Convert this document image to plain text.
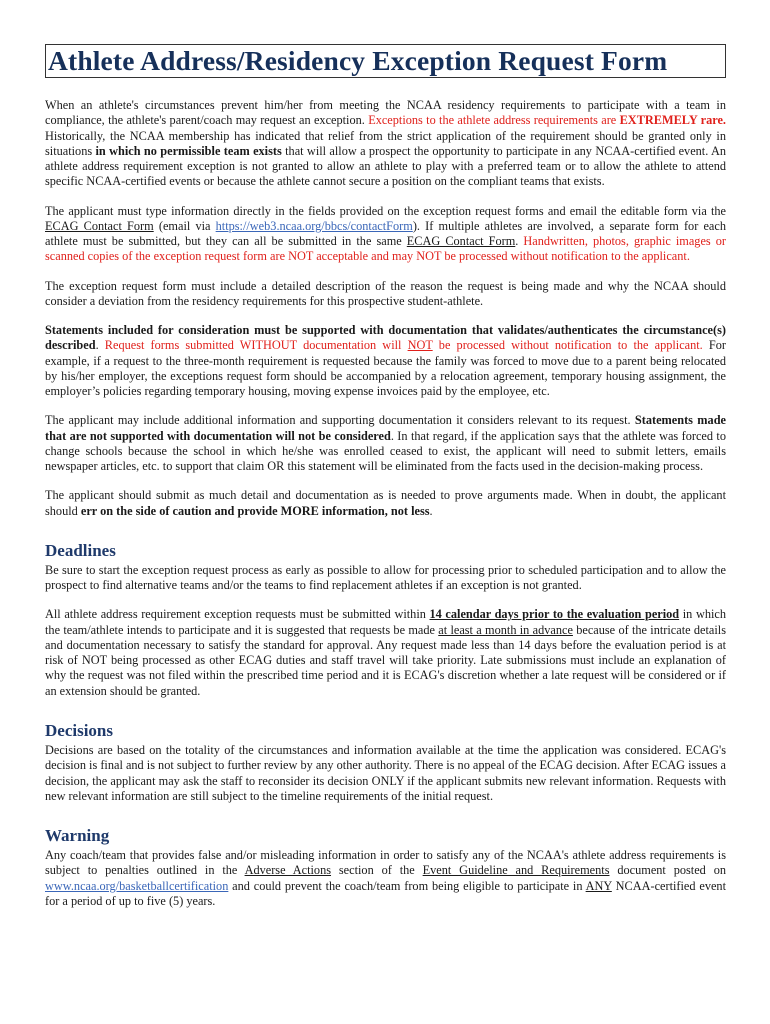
Athlete Address/Residency Exception Request Form

When an athlete's circumstances prevent him/her from meeting the NCAA residency requirements to participate with a team in compliance, the athlete's parent/coach may request an exception. Exceptions to the athlete address requirements are EXTREMELY rare. Historically, the NCAA membership has indicated that relief from the strict application of the requirement should be granted only in situations in which no permissible team exists that will allow a prospect the opportunity to participate in any NCAA-certified event. An athlete address requirement exception is not granted to allow an athlete to play with a preferred team or to allow the athlete to attend specific NCAA-certified events or because the athlete cannot secure a position on the compliant teams that exists.

The applicant must type information directly in the fields provided on the exception request forms and email the editable form via the ECAG Contact Form (email via https://web3.ncaa.org/bbcs/contactForm). If multiple athletes are involved, a separate form for each athlete must be submitted, but they can all be submitted in the same ECAG Contact Form. Handwritten, photos, graphic images or scanned copies of the exception request form are NOT acceptable and may NOT be processed without notification to the applicant.

The exception request form must include a detailed description of the reason the request is being made and why the NCAA should consider a deviation from the residency requirements for this prospective student-athlete.

Statements included for consideration must be supported with documentation that validates/authenticates the circumstance(s) described. Request forms submitted WITHOUT documentation will NOT be processed without notification to the applicant. For example, if a request to the three-month requirement is requested because the family was forced to move due to a parent being relocated by his/her employer, the exceptions request form should be accompanied by a relocation agreement, temporary housing assignment, the employer’s policies regarding temporary housing, moving expense invoices paid by the employee, etc.

The applicant may include additional information and supporting documentation it considers relevant to its request. Statements made that are not supported with documentation will not be considered. In that regard, if the application says that the athlete was forced to change schools because the school in which he/she was enrolled ceased to exist, the applicant will need to submit letters, emails newspaper articles, etc. to support that claim OR this statement will be eliminated from the facts used in the decision-making process.

The applicant should submit as much detail and documentation as is needed to prove arguments made. When in doubt, the applicant should err on the side of caution and provide MORE information, not less.

Deadlines

Be sure to start the exception request process as early as possible to allow for processing prior to scheduled participation and to allow the prospect to find alternative teams and/or the teams to find replacement athletes if an exception is not granted.

All athlete address requirement exception requests must be submitted within 14 calendar days prior to the evaluation period in which the team/athlete intends to participate and it is suggested that requests be made at least a month in advance because of the intricate details and documentation necessary to satisfy the standard for approval. Any request made less than 14 days before the evaluation period is at risk of NOT being processed as other ECAG duties and staff travel will take priority. Late submissions must include an explanation of why the request was not filed within the prescribed time period and it is ECAG's discretion whether a late request will be considered or if an extension should be granted.

Decisions

Decisions are based on the totality of the circumstances and information available at the time the application was considered. ECAG's decision is final and is not subject to further review by any other authority. There is no appeal of the ECAG decision. After ECAG issues a decision, the applicant may ask the staff to reconsider its decision ONLY if the applicant submits new relevant information. Requests with new relevant information are still subject to the timeline requirements of the initial request.

Warning

Any coach/team that provides false and/or misleading information in order to satisfy any of the NCAA's athlete address requirements is subject to penalties outlined in the Adverse Actions section of the Event Guideline and Requirements document posted on www.ncaa.org/basketballcertification and could prevent the coach/team from being eligible to participate in ANY NCAA-certified event for a period of up to five (5) years.
